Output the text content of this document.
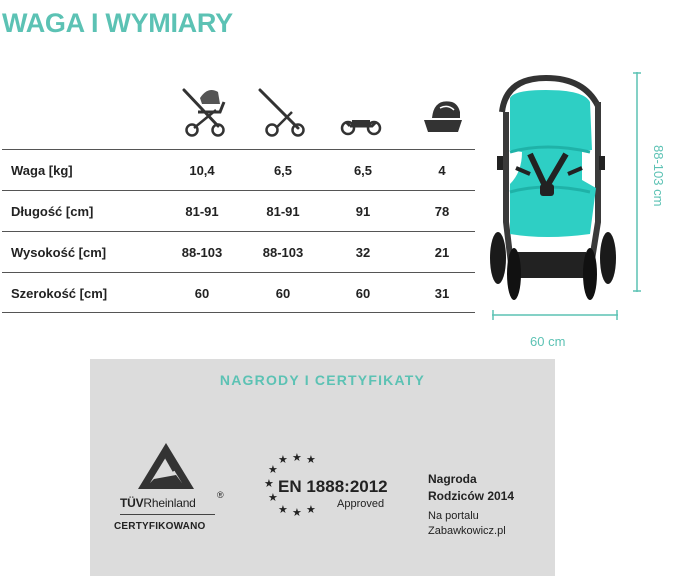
WAGA I WYMIARY
Waga [kg]	10,4	6,5	6,5	4
Długość [cm]	81-91	81-91	91	78
Wysokość [cm]	88-103	88-103	32	21
Szerokość [cm]	60	60	60	31
88-103 cm
60 cm
NAGRODY I CERTYFIKATY
TÜVRheinland
®
CERTYFIKOWANO
★ ★ ★
★
★
★
★ ★ ★
EN 1888:2012
Approved
Nagroda
Rodziców 2014
Na portalu
Zabawkowicz.pl
